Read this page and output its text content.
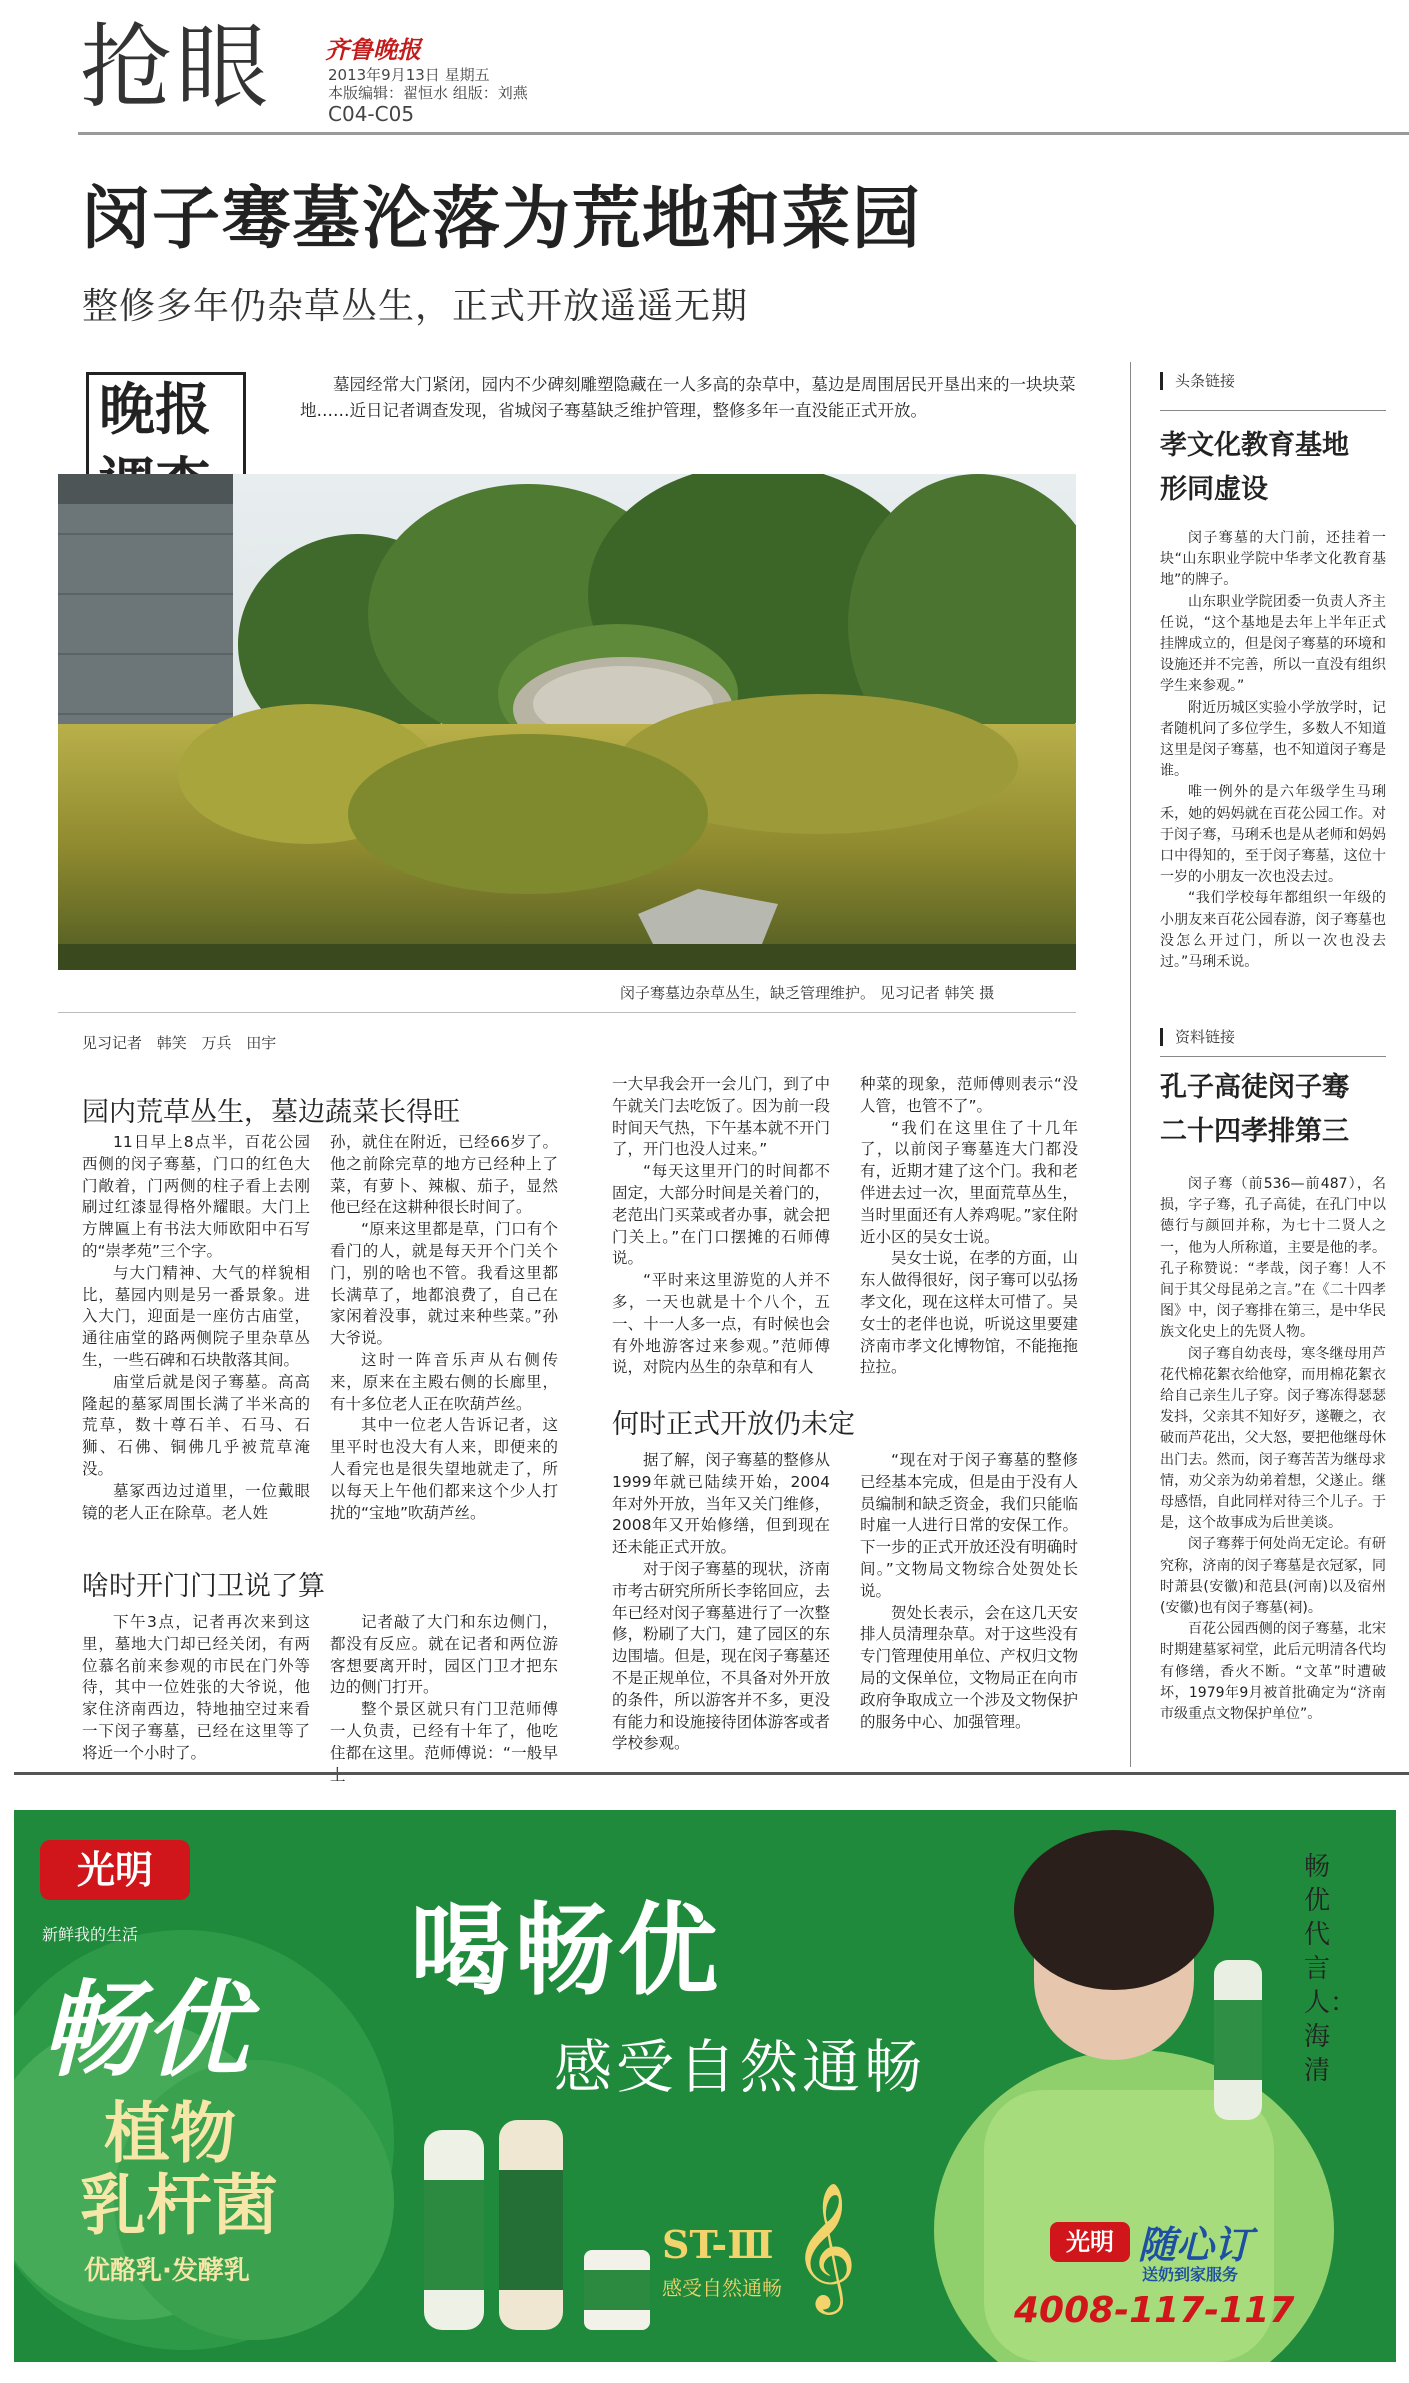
抢眼 齐鲁晚报
2013年9月13日 星期五
本版编辑：翟恒水 组版：刘燕
C04-C05
闵子骞墓沦落为荒地和菜园
整修多年仍杂草丛生，正式开放遥遥无期
晚报	墓园经常大门紧闭，园内不少碑刻雕塑隐藏在一人多高的杂草中，墓边是周围居民开垦出来的一块块菜地……近日记者调查发现，省城闵子骞墓缺乏维护管理，整修多年一直没能正式开放。
闵子骞墓边杂草丛生，缺乏管理维护。 见习记者 韩笑 摄
见习记者 韩笑 万兵 田宇
园内荒草丛生，墓边蔬菜长得旺

11日早上8点半，百花公园西侧的闵子骞墓，门口的红色大门敞着，门两侧的柱子看上去刚刷过红漆显得格外耀眼。大门上方牌匾上有书法大师欧阳中石写的“崇孝苑”三个字。

与大门精神、大气的样貌相比，墓园内则是另一番景象。进入大门，迎面是一座仿古庙堂，通往庙堂的路两侧院子里杂草丛生，一些石碑和石块散落其间。

庙堂后就是闵子骞墓。高高隆起的墓冢周围长满了半米高的荒草，数十尊石羊、石马、石狮、石佛、铜佛几乎被荒草淹没。

墓冢西边过道里，一位戴眼镜的老人正在除草。老人姓

孙，就住在附近，已经66岁了。他之前除完草的地方已经种上了菜，有萝卜、辣椒、茄子，显然他已经在这耕种很长时间了。

“原来这里都是草，门口有个看门的人，就是每天开个门关个门，别的啥也不管。我看这里都长满草了，地都浪费了，自己在家闲着没事，就过来种些菜。”孙大爷说。

这时一阵音乐声从右侧传来，原来在主殿右侧的长廊里，有十多位老人正在吹葫芦丝。

其中一位老人告诉记者，这里平时也没大有人来，即便来的人看完也是很失望地就走了，所以每天上午他们都来这个少人打扰的“宝地”吹葫芦丝。

啥时开门门卫说了算

下午3点，记者再次来到这里，墓地大门却已经关闭，有两位慕名前来参观的市民在门外等待，其中一位姓张的大爷说，他家住济南西边，特地抽空过来看一下闵子骞墓，已经在这里等了将近一个小时了。

记者敲了大门和东边侧门，都没有反应。就在记者和两位游客想要离开时，园区门卫才把东边的侧门打开。

整个景区就只有门卫范师傅一人负责，已经有十年了，他吃住都在这里。范师傅说：“一般早

一大早我会开一会儿门，到了中午就关门去吃饭了。因为前一段时间天气热，下午基本就不开门了，开门也没人过来。”

“每天这里开门的时间都不固定，大部分时间是关着门的，老范出门买菜或者办事，就会把门关上。”在门口摆摊的石师傅说。

“平时来这里游览的人并不多，一天也就是十个八个，五一、十一人多一点，有时候也会有外地游客过来参观。”范师傅说，对院内丛生的杂草和有人

种菜的现象，范师傅则表示“没人管，也管不了”。

“我们在这里住了十几年了，以前闵子骞墓连大门都没有，近期才建了这个门。我和老伴进去过一次，里面荒草丛生，当时里面还有人养鸡呢。”家住附近小区的吴女士说。

吴女士说，在孝的方面，山东人做得很好，闵子骞可以弘扬孝文化，现在这样太可惜了。吴女士的老伴也说，听说这里要建济南市孝文化博物馆，不能拖拖拉拉。

何时正式开放仍未定

据了解，闵子骞墓的整修从1999年就已陆续开始，2004年对外开放，当年又关门维修，2008年又开始修缮，但到现在还未能正式开放。

对于闵子骞墓的现状，济南市考古研究所所长李铭回应，去年已经对闵子骞墓进行了一次整修，粉刷了大门，建了园区的东边围墙。但是，现在闵子骞墓还不是正规单位，不具备对外开放的条件，所以游客并不多，更没有能力和设施接待团体游客或者学校参观。

“现在对于闵子骞墓的整修已经基本完成，但是由于没有人员编制和缺乏资金，我们只能临时雇一人进行日常的安保工作。下一步的正式开放还没有明确时间。”文物局文物综合处贺处长说。

贺处长表示，会在这几天安排人员清理杂草。对于这些没有专门管理使用单位、产权归文物局的文保单位，文物局正在向市政府争取成立一个涉及文物保护的服务中心、加强管理。

头条链接
孝文化教育基地
形同虚设

闵子骞墓的大门前，还挂着一块“山东职业学院中华孝文化教育基地”的牌子。

山东职业学院团委一负责人齐主任说，“这个基地是去年上半年正式挂牌成立的，但是闵子骞墓的环境和设施还并不完善，所以一直没有组织学生来参观。”

附近历城区实验小学放学时，记者随机问了多位学生，多数人不知道这里是闵子骞墓，也不知道闵子骞是谁。

唯一例外的是六年级学生马琍禾，她的妈妈就在百花公园工作。对于闵子骞，马琍禾也是从老师和妈妈口中得知的，至于闵子骞墓，这位十一岁的小朋友一次也没去过。

“我们学校每年都组织一年级的小朋友来百花公园春游，闵子骞墓也没怎么开过门，所以一次也没去过。”马琍禾说。

资料链接
孔子高徒闵子骞
二十四孝排第三

闵子骞（前536—前487），名损，字子骞，孔子高徒，在孔门中以德行与颜回并称，为七十二贤人之一，他为人所称道，主要是他的孝。孔子称赞说：“孝哉，闵子骞！人不间于其父母昆弟之言。”在《二十四孝图》中，闵子骞排在第三，是中华民族文化史上的先贤人物。

闵子骞自幼丧母，寒冬继母用芦花代棉花絮衣给他穿，而用棉花絮衣给自己亲生儿子穿。闵子骞冻得瑟瑟发抖，父亲其不知好歹，遂鞭之，衣破而芦花出，父大怒，要把他继母休出门去。然而，闵子骞苦苦为继母求情，劝父亲为幼弟着想，父遂止。继母感悟，自此同样对待三个儿子。于是，这个故事成为后世美谈。

闵子骞葬于何处尚无定论。有研究称，济南的闵子骞墓是衣冠冢，同时萧县(安徽)和范县(河南)以及宿州(安徽)也有闵子骞墓(祠)。

百花公园西侧的闵子骞墓，北宋时期建墓冢祠堂，此后元明清各代均有修缮，香火不断。“文革”时遭破坏，1979年9月被首批确定为“济南市级重点文物保护单位”。

光明
新鲜我的生活
畅优
植物
乳杆菌
优酪乳·发酵乳
喝畅优
感受自然通畅
ST-Ⅲ
感受自然通畅 𝄞
畅优代言人：海清
光明 随心订
送奶到家服务
4008-117-117
